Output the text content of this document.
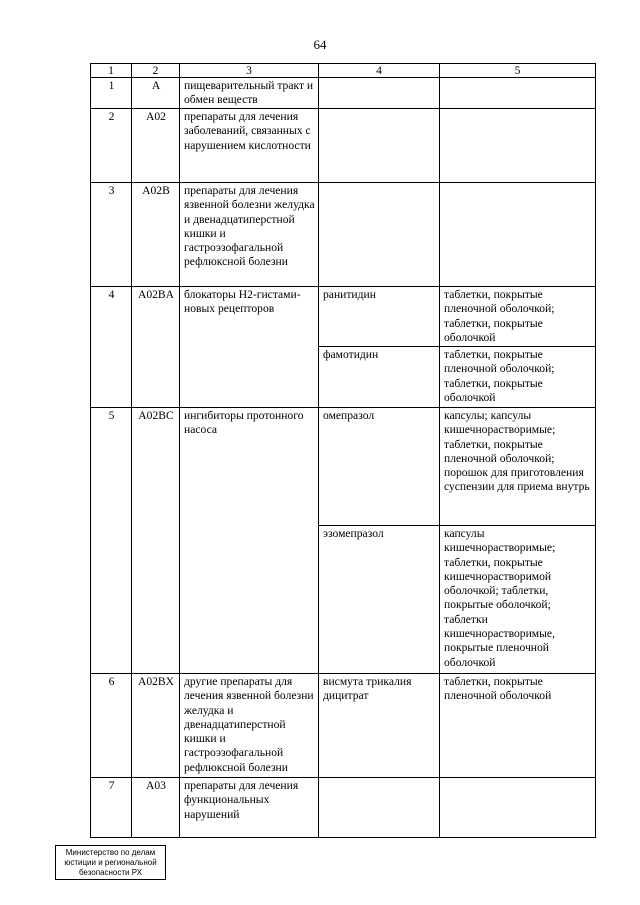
64
1	2	3	4	5
1	A	пищеварительный тракт и обмен веществ		
2	A02	препараты для лечения заболеваний, связанных с нарушением кислотности		
3	A02B	препараты для лечения язвенной болезни желудка и двенадцатиперстной кишки и гастроэзофагальной рефлюксной болезни		
4	A02BA	блокаторы Н2-гистами-новых рецепторов	ранитидин	таблетки, покрытые пленочной оболочкой; таблетки, покрытые оболочкой
			фамотидин	таблетки, покрытые пленочной оболочкой; таблетки, покрытые оболочкой
5	A02BC	ингибиторы протонного насоса	омепразол	капсулы; капсулы кишечнорастворимые; таблетки, покрытые пленочной оболочкой; порошок для приготовления суспензии для приема внутрь
			эзомепразол	капсулы кишечнорастворимые; таблетки, покрытые кишечнорастворимой оболочкой; таблетки, покрытые оболочкой; таблетки кишечнорастворимые, покрытые пленочной оболочкой
6	A02BX	другие препараты для лечения язвенной болезни желудка и двенадцатиперстной кишки и гастроэзофагальной рефлюксной болезни	висмута трикалия дицитрат	таблетки, покрытые пленочной оболочкой
7	A03	препараты для лечения функциональных нарушений		
Министерство по делам
юстиции и региональной
безопасности РХ
